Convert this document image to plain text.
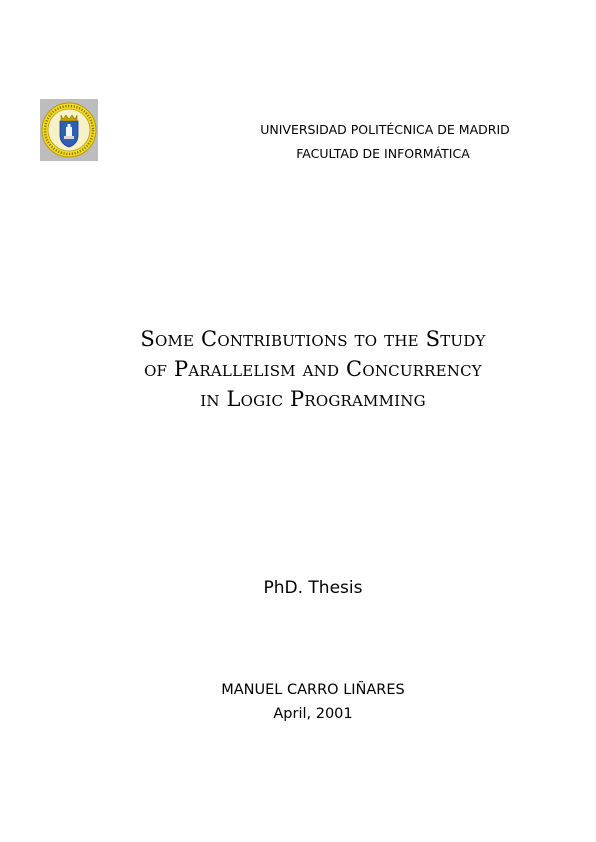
UNIVERSIDAD POLITÉCNICA DE MADRID
FACULTAD DE INFORMÁTICA
Some Contributions to the Study
of Parallelism and Concurrency
in Logic Programming
PhD. Thesis
MANUEL CARRO LIÑARES
April, 2001
